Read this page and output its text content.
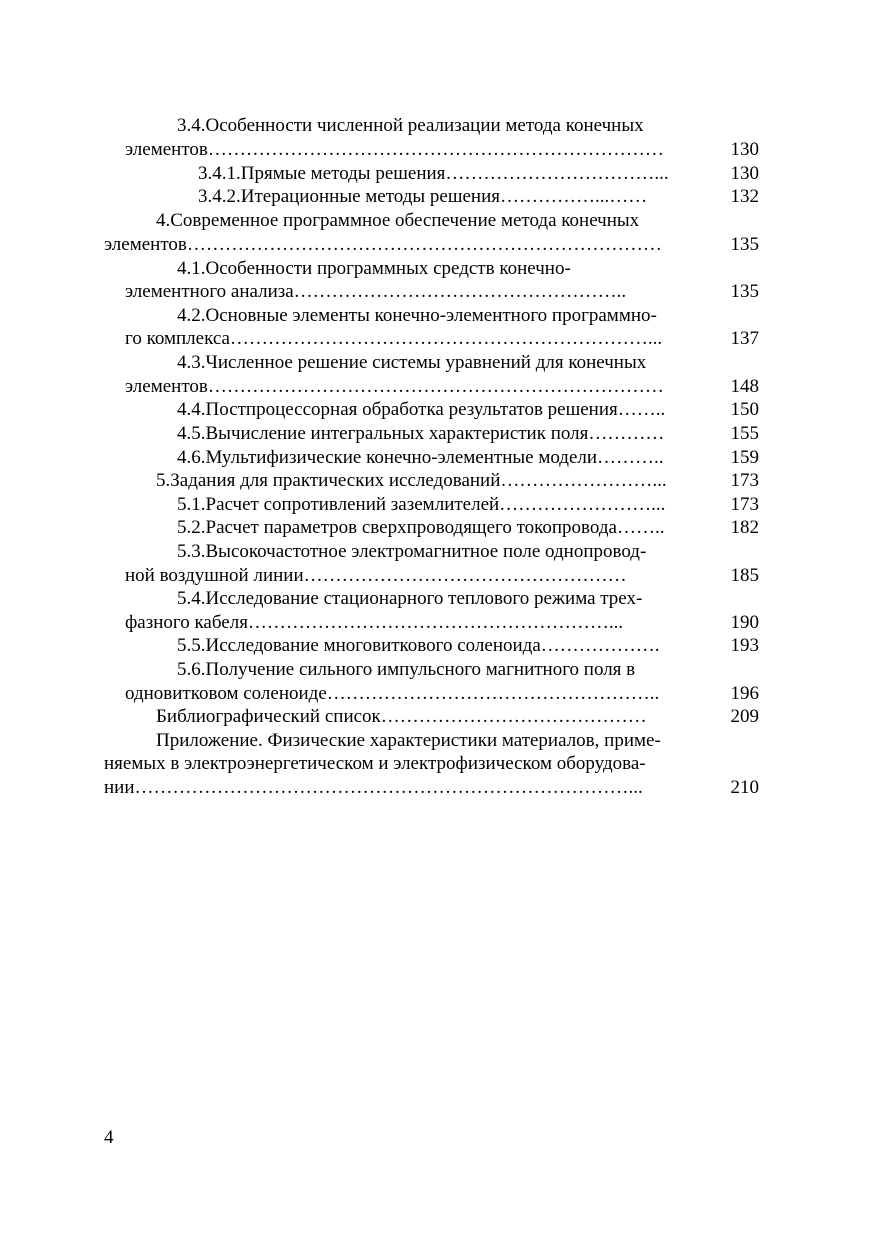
3.4.Особенности численной реализации метода конечных
элементов………………………………………………………………	130
3.4.1.Прямые методы решения……………………………...	130
3.4.2.Итерационные методы решения……………...……	132
4.Современное программное обеспечение метода конечных
элементов…………………………………………………………………	135
4.1.Особенности программных средств конечно-
элементного анализа……………………………………………..	135
4.2.Основные элементы конечно-элементного программно-
го комплекса…………………………………………………………...	137
4.3.Численное решение системы уравнений для конечных
элементов………………………………………………………………	148
4.4.Постпроцессорная обработка результатов решения……..	150
4.5.Вычисление интегральных характеристик поля…………	155
4.6.Мультифизические конечно-элементные модели………..	159
5.Задания для практических исследований……………………...	173
5.1.Расчет сопротивлений заземлителей……………………...	173
5.2.Расчет параметров сверхпроводящего токопровода……..	182
5.3.Высокочастотное электромагнитное поле однопровод-
ной воздушной линии……………………………………………	185
5.4.Исследование стационарного теплового режима трех-
фазного кабеля…………………………………………………...	190
5.5.Исследование многовиткового соленоида……………….	193
5.6.Получение сильного импульсного магнитного поля в
одновитковом соленоиде……………………………………………..	196
Библиографический список……………………………………	209
Приложение. Физические характеристики материалов, приме-
няемых в электроэнергетическом и электрофизическом оборудова-
нии……………………………………………………………………...	210
4
